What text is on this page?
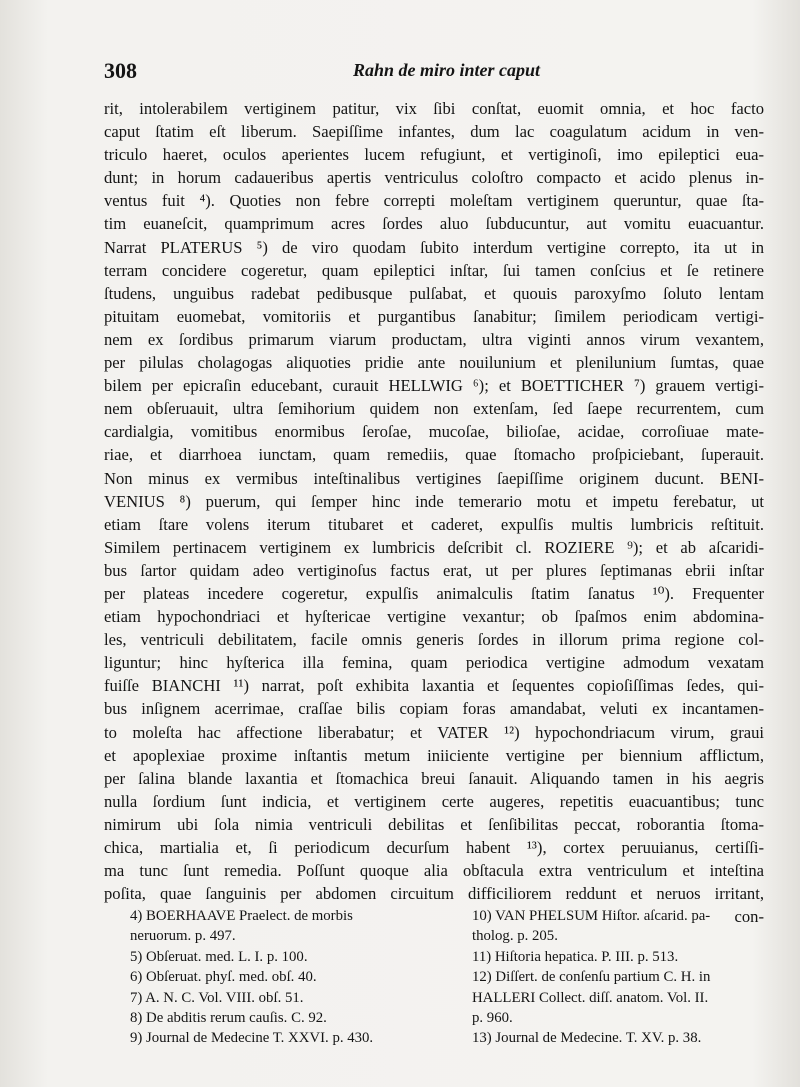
308	Rahn de miro inter caput
rit, intolerabilem vertiginem patitur, vix ſibi conſtat, euomit omnia, et hoc facto
caput ſtatim eſt liberum. Saepiſſime infantes, dum lac coagulatum acidum in ven-
triculo haeret, oculos aperientes lucem refugiunt, et vertiginoſi, imo epileptici eua-
dunt; in horum cadaueribus apertis ventriculus coloſtro compacto et acido plenus in-
ventus fuit ⁴). Quoties non febre correpti moleſtam vertiginem queruntur, quae ſta-
tim euaneſcit, quamprimum acres ſordes aluo ſubducuntur, aut vomitu euacuantur.
Narrat PLATERUS ⁵) de viro quodam ſubito interdum vertigine correpto, ita ut in
terram concidere cogeretur, quam epileptici inſtar, ſui tamen conſcius et ſe retinere
ſtudens, unguibus radebat pedibusque pulſabat, et quouis paroxyſmo ſoluto lentam
pituitam euomebat, vomitoriis et purgantibus ſanabitur; ſimilem periodicam vertigi-
nem ex ſordibus primarum viarum productam, ultra viginti annos virum vexantem,
per pilulas cholagogas aliquoties pridie ante nouilunium et plenilunium ſumtas, quae
bilem per epicraſin educebant, curauit HELLWIG ⁶); et BOETTICHER ⁷) grauem vertigi-
nem obſeruauit, ultra ſemihorium quidem non extenſam, ſed ſaepe recurrentem, cum
cardialgia, vomitibus enormibus ſeroſae, mucoſae, bilioſae, acidae, corroſiuae mate-
riae, et diarrhoea iunctam, quam remediis, quae ſtomacho proſpiciebant, ſuperauit.
Non minus ex vermibus inteſtinalibus vertigines ſaepiſſime originem ducunt. BENI-
VENIUS ⁸) puerum, qui ſemper hinc inde temerario motu et impetu ferebatur, ut
etiam ſtare volens iterum titubaret et caderet, expulſis multis lumbricis reſtituit.
Similem pertinacem vertiginem ex lumbricis deſcribit cl. ROZIERE ⁹); et ab aſcaridi-
bus ſartor quidam adeo vertiginoſus factus erat, ut per plures ſeptimanas ebrii inſtar
per plateas incedere cogeretur, expulſis animalculis ſtatim ſanatus ¹⁰). Frequenter
etiam hypochondriaci et hyſtericae vertigine vexantur; ob ſpaſmos enim abdomina-
les, ventriculi debilitatem, facile omnis generis ſordes in illorum prima regione col-
liguntur; hinc hyſterica illa femina, quam periodica vertigine admodum vexatam
fuiſſe BIANCHI ¹¹) narrat, poſt exhibita laxantia et ſequentes copioſiſſimas ſedes, qui-
bus inſignem acerrimae, craſſae bilis copiam foras amandabat, veluti ex incantamen-
to moleſta hac affectione liberabatur; et VATER ¹²) hypochondriacum virum, graui
et apoplexiae proxime inſtantis metum iniiciente vertigine per biennium afflictum,
per ſalina blande laxantia et ſtomachica breui ſanauit. Aliquando tamen in his aegris
nulla ſordium ſunt indicia, et vertiginem certe augeres, repetitis euacuantibus; tunc
nimirum ubi ſola nimia ventriculi debilitas et ſenſibilitas peccat, roborantia ſtoma-
chica, martialia et, ſi periodicum decurſum habent ¹³), cortex peruuianus, certiſſi-
ma tunc ſunt remedia. Poſſunt quoque alia obſtacula extra ventriculum et inteſtina
poſita, quae ſanguinis per abdomen circuitum difficiliorem reddunt et neruos irritant,
con-
4) BOERHAAVE Praelect. de morbis
neruorum. p. 497.
5) Obſeruat. med. L. I. p. 100.
6) Obſeruat. phyſ. med. obſ. 40.
7) A. N. C. Vol. VIII. obſ. 51.
8) De abditis rerum cauſis. C. 92.
9) Journal de Medecine T. XXVI. p. 430.
10) VAN PHELSUM Hiſtor. aſcarid. pa-
tholog. p. 205.
11) Hiſtoria hepatica. P. III. p. 513.
12) Diſſert. de conſenſu partium C. H. in
HALLERI Collect. diſſ. anatom. Vol. II.
p. 960.
13) Journal de Medecine. T. XV. p. 38.
